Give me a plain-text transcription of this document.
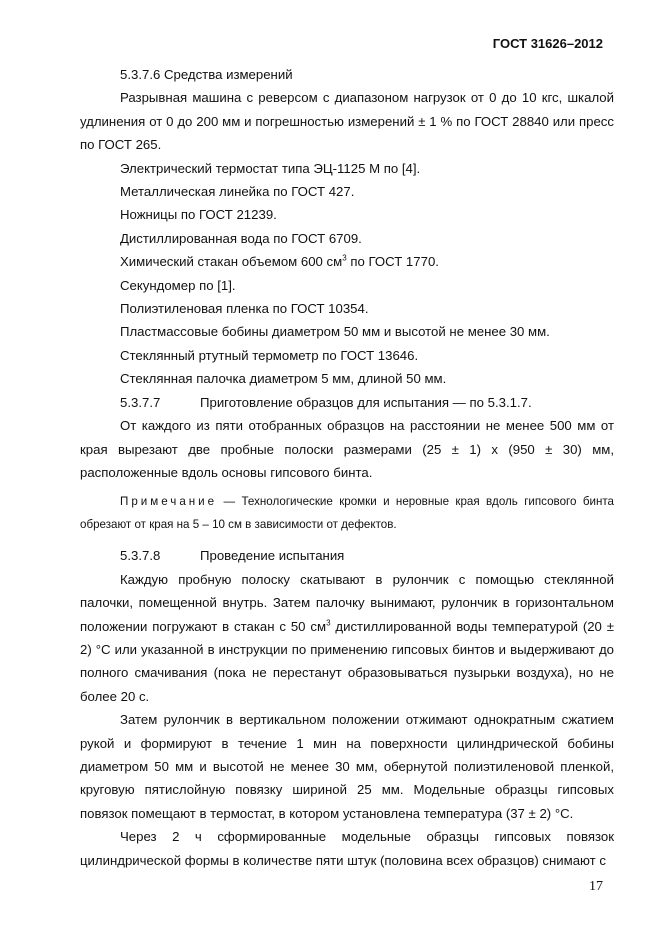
ГОСТ 31626–2012

5.3.7.6 Средства измерений

Разрывная машина с реверсом с диапазоном нагрузок от 0 до 10 кгс, шкалой удлинения от 0 до 200 мм и погрешностью измерений ± 1 % по ГОСТ 28840 или пресс по ГОСТ 265.

Электрический термостат типа ЭЦ-1125 М по [4].

Металлическая линейка по ГОСТ 427.

Ножницы по ГОСТ 21239.

Дистиллированная вода по ГОСТ 6709.

Химический стакан объемом 600 $см^3$ по ГОСТ 1770.

Секундомер по [1].

Полиэтиленовая пленка по ГОСТ 10354.

Пластмассовые бобины диаметром 50 мм и высотой не менее 30 мм.

Стеклянный ртутный термометр по ГОСТ 13646.

Стеклянная палочка диаметром 5 мм, длиной 50 мм.

5.3.7.7	Приготовление образцов для испытания — по 5.3.1.7.

От каждого из пяти отобранных образцов на расстоянии не менее 500 мм от края вырезают две пробные полоски размерами (25 ± 1) х (950 ± 30) мм, расположенные вдоль основы гипсового бинта.

Примечание — Технологические кромки и неровные края вдоль гипсового бинта обрезают от края на 5 – 10 см в зависимости от дефектов.

5.3.7.8	Проведение испытания

Каждую пробную полоску скатывают в рулончик с помощью стеклянной палочки, помещенной внутрь. Затем палочку вынимают, рулончик в горизонтальном положении погружают в стакан с 50 $см^3$ дистиллированной воды температурой (20 ± 2) °С или указанной в инструкции по применению гипсовых бинтов и выдерживают до полного смачивания (пока не перестанут образовываться пузырьки воздуха), но не более 20 с.

Затем рулончик в вертикальном положении отжимают однократным сжатием рукой и формируют в течение 1 мин на поверхности цилиндрической бобины диаметром 50 мм и высотой не менее 30 мм, обернутой полиэтиленовой пленкой, круговую пятислойную повязку шириной 25 мм. Модельные образцы гипсовых повязок помещают в термостат, в котором установлена температура (37 ± 2) °С.

Через 2 ч сформированные модельные образцы гипсовых повязок цилиндрической формы в количестве пяти штук (половина всех образцов) снимают с

17
